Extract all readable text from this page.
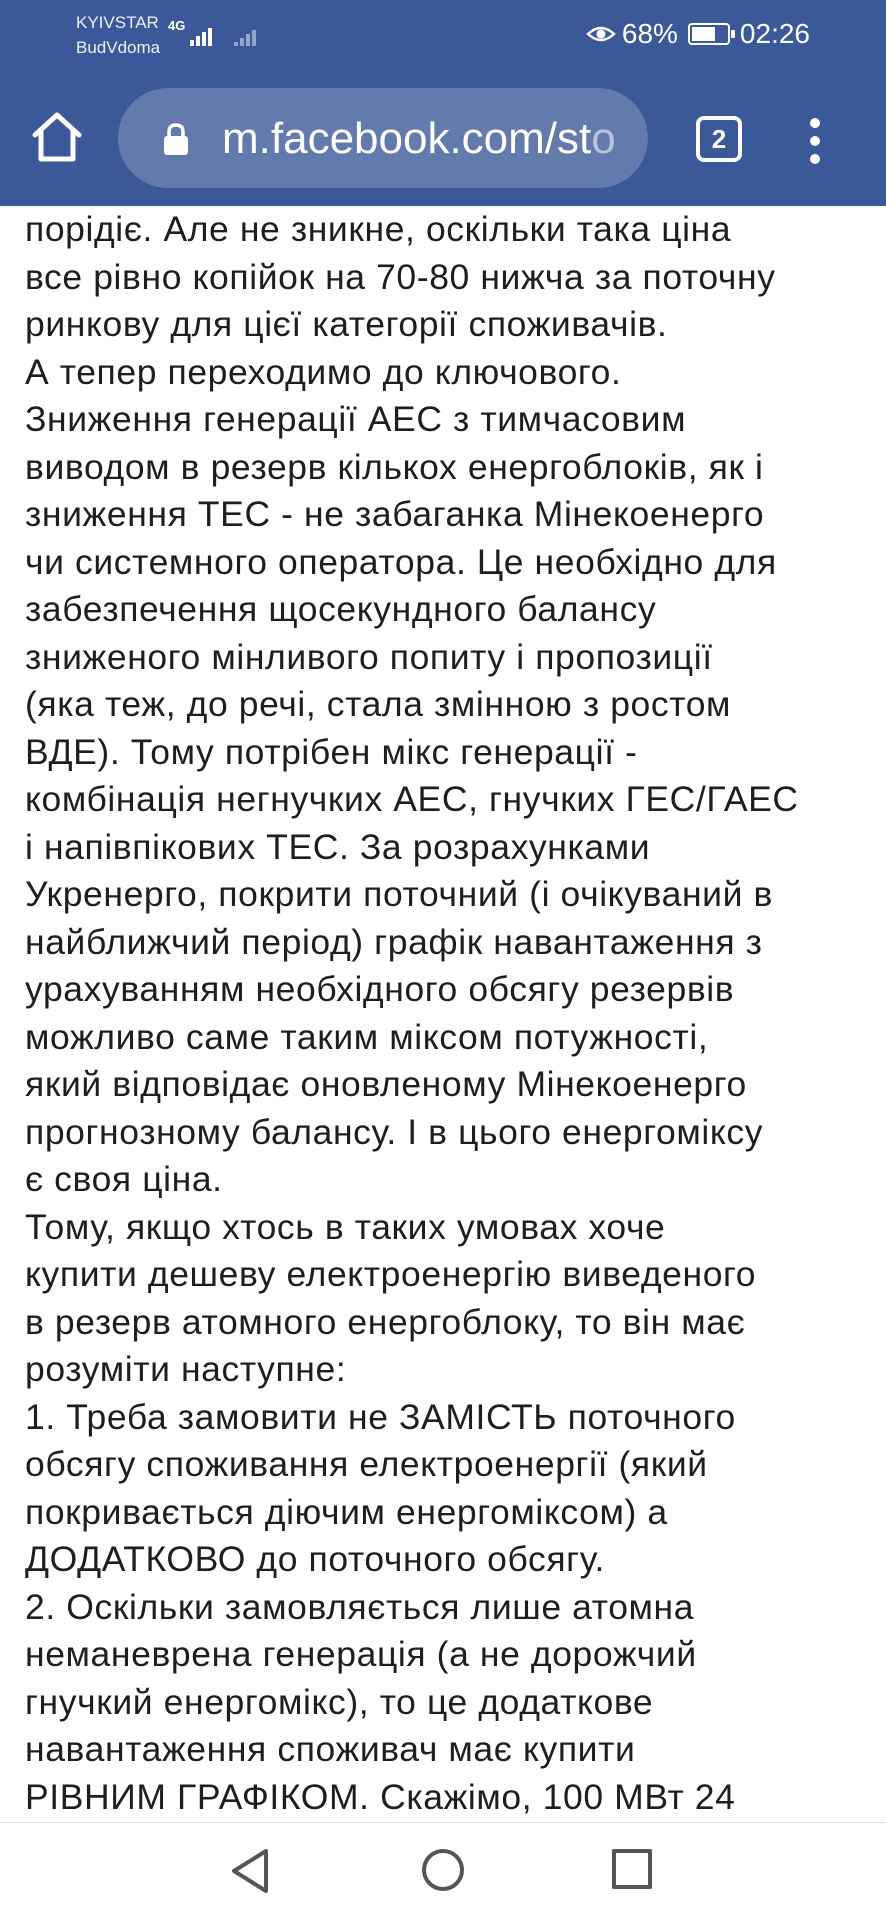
KYIVSTAR
BudVdoma
4G	68% 02:26
m.facebook.com/sto	2
порідіє. Але не зникне, оскільки така ціна
все рівно копійок на 70-80 нижча за поточну
ринкову для цієї категорії споживачів.
А тепер переходимо до ключового.
Зниження генерації АЕС з тимчасовим
виводом в резерв кількох енергоблоків, як і
зниження ТЕС - не забаганка Мінекоенерго
чи системного оператора. Це необхідно для
забезпечення щосекундного балансу
зниженого мінливого попиту і пропозиції
(яка теж, до речі, стала змінною з ростом
ВДЕ). Тому потрібен мікс генерації -
комбінація негнучких АЕС, гнучких ГЕС/ГАЕС
і напівпікових ТЕС. За розрахунками
Укренерго, покрити поточний (і очікуваний в
найближчий період) графік навантаження з
урахуванням необхідного обсягу резервів
можливо саме таким міксом потужності,
який відповідає оновленому Мінекоенерго
прогнозному балансу. І в цього енергоміксу
є своя ціна.
Тому, якщо хтось в таких умовах хоче
купити дешеву електроенергію виведеного
в резерв атомного енергоблоку, то він має
розуміти наступне:
1. Треба замовити не ЗАМІСТЬ поточного
обсягу споживання електроенергії (який
покривається діючим енергоміксом) а
ДОДАТКОВО до поточного обсягу.
2. Оскільки замовляється лише атомна
неманеврена генерація (а не дорожчий
гнучкий енергомікс), то це додаткове
навантаження споживач має купити
РІВНИМ ГРАФІКОМ. Скажімо, 100 МВт 24
